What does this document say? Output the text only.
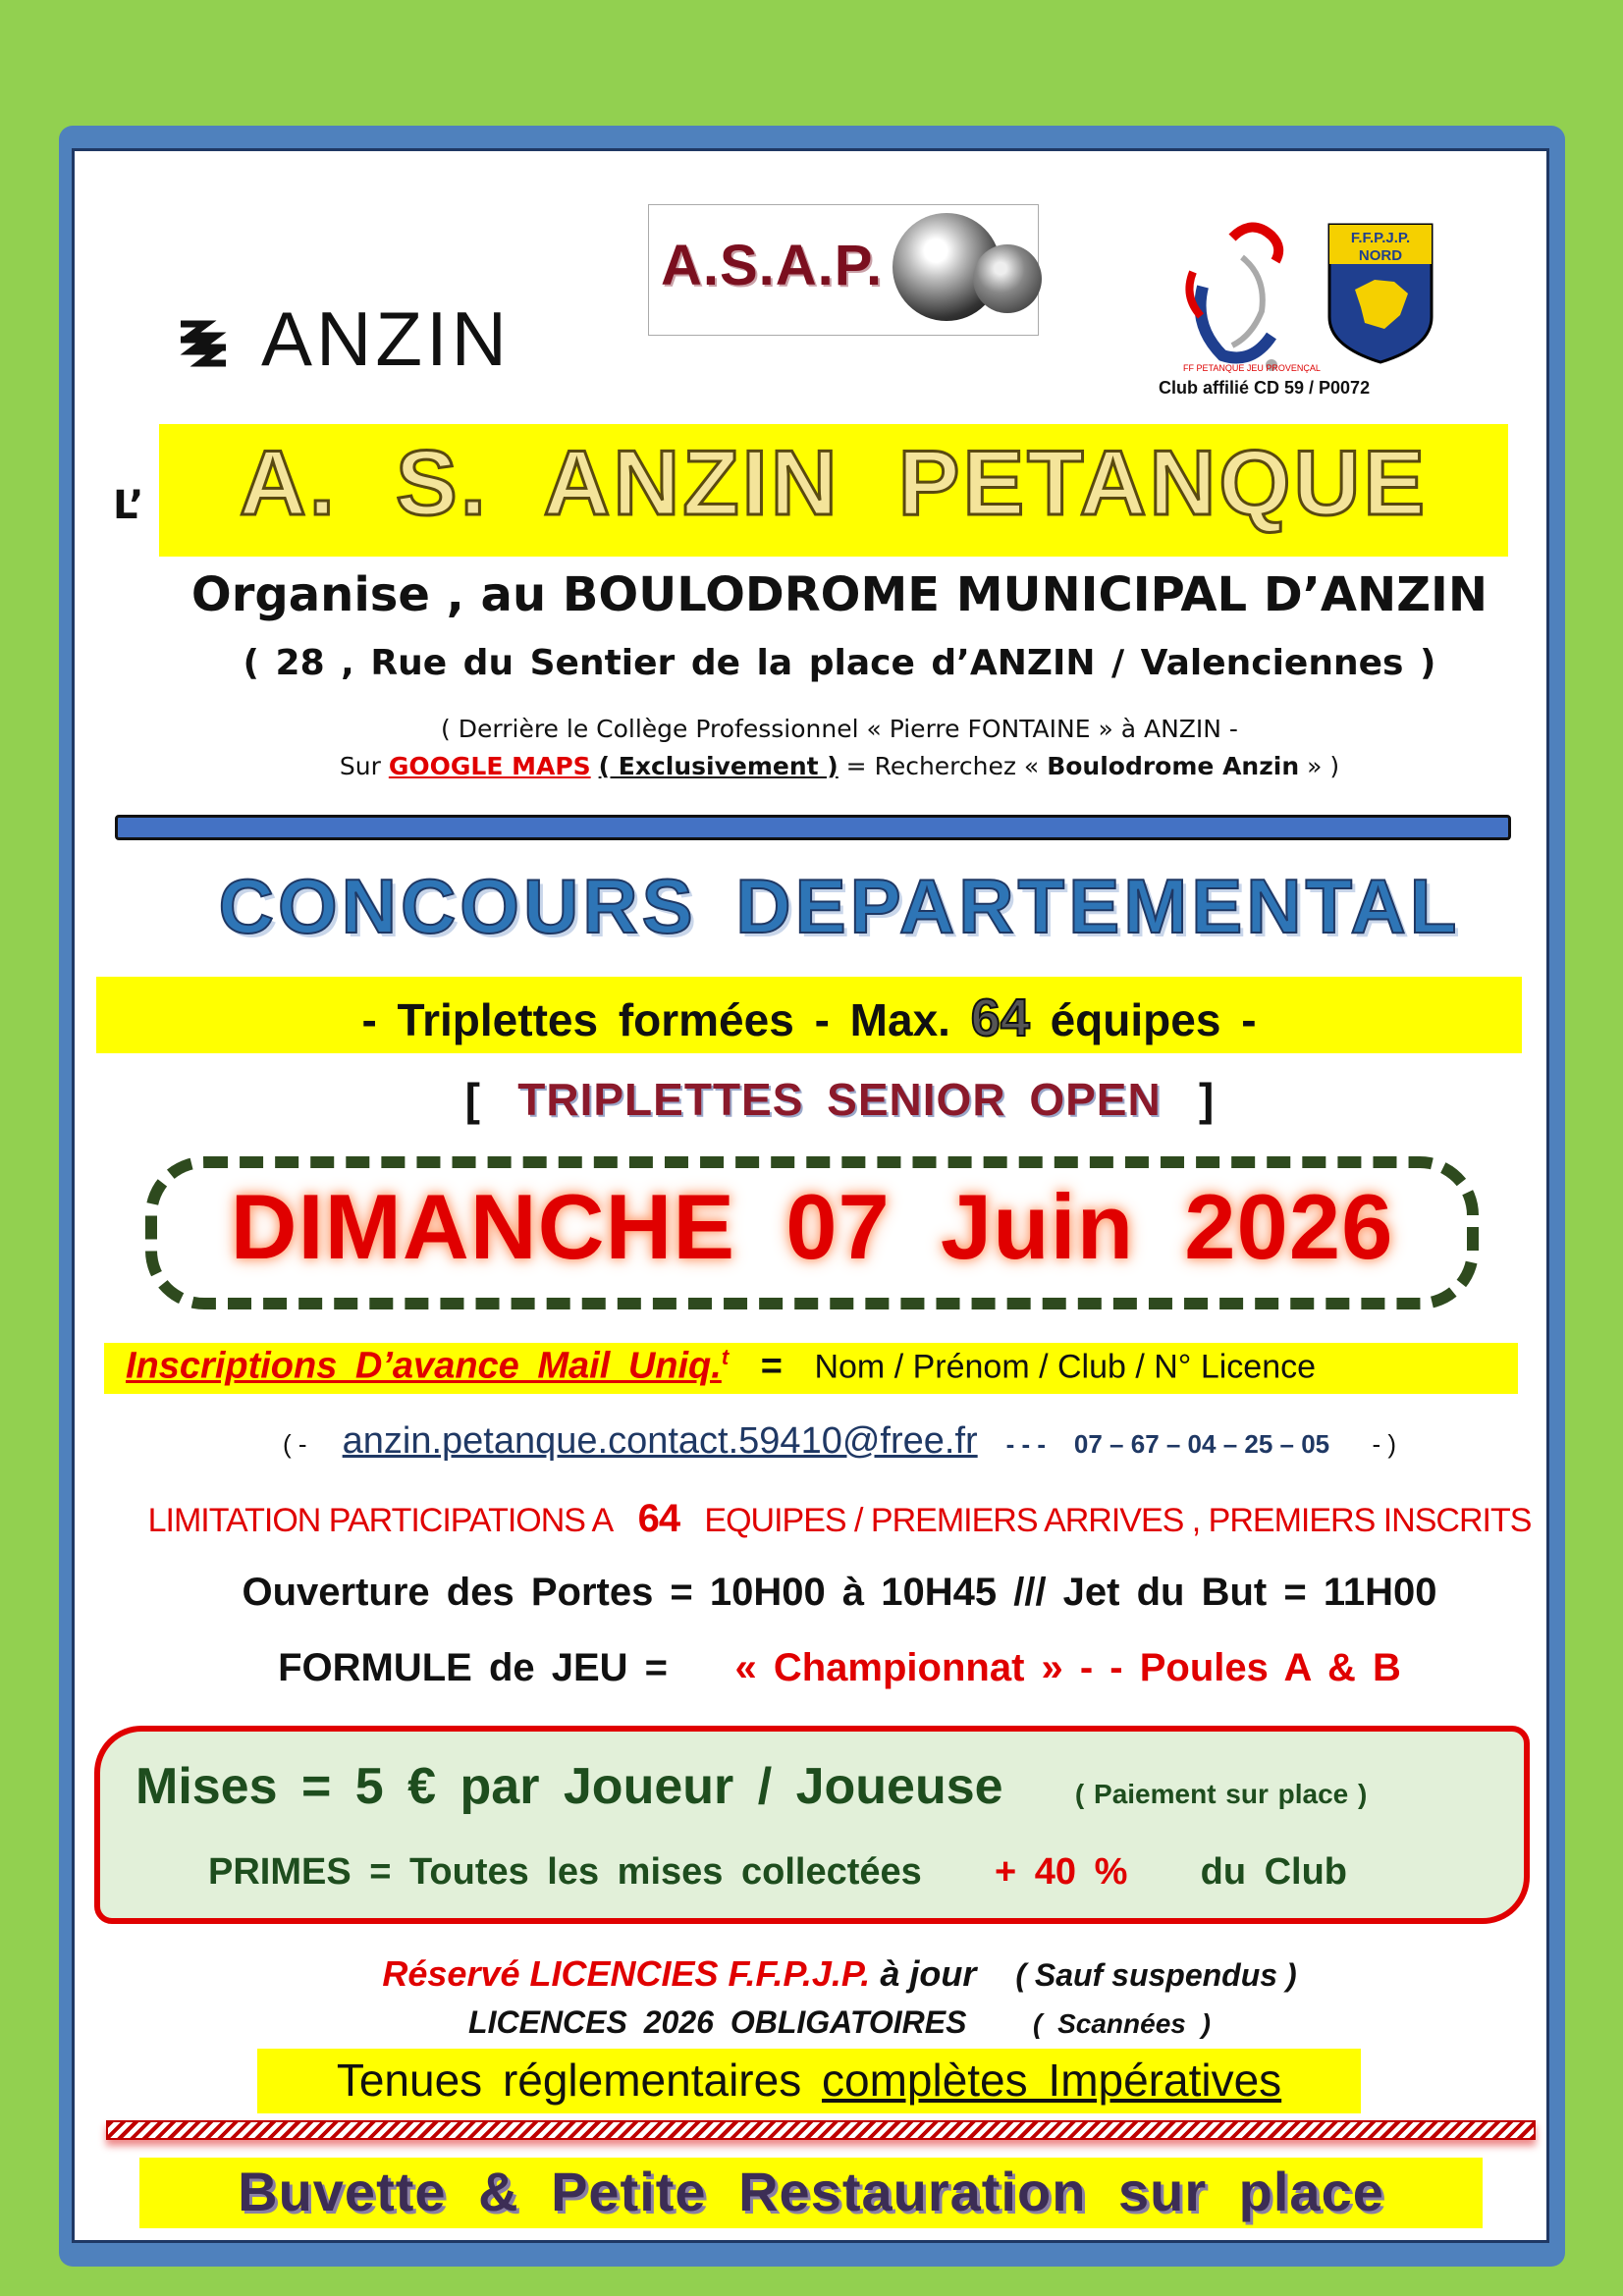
ANZIN
A.S.A.P.
FF PETANQUE JEU PROVENÇAL
F.F.P.J.P.
NORD
Club affilié CD 59 / P0072
L’	A. S. ANZIN PETANQUE
Organise , au BOULODROME MUNICIPAL D’ANZIN
( 28 , Rue du Sentier de la place d’ANZIN / Valenciennes )
( Derrière le Collège Professionnel « Pierre FONTAINE » à ANZIN -
Sur GOOGLE MAPS ( Exclusivement ) = Recherchez « Boulodrome Anzin » )
CONCOURS DEPARTEMENTAL
- Triplettes formées - Max. 64 équipes -
[ TRIPLETTES SENIOR OPEN ]
DIMANCHE 07 Juin 2026
Inscriptions D’avance Mail Uniq.$^t$ = Nom / Prénom / Club / N° Licence
( - anzin.petanque.contact.59410@free.fr - - - 07 – 67 – 04 – 25 – 05 - )
LIMITATION PARTICIPATIONS A 64 EQUIPES / PREMIERS ARRIVES , PREMIERS INSCRITS
Ouverture des Portes = 10H00 à 10H45 /// Jet du But = 11H00
FORMULE de JEU = « Championnat » - - Poules A & B
Mises = 5 € par Joueur / Joueuse	( Paiement sur place )
PRIMES = Toutes les mises collectées + 40 % du Club
Réservé LICENCIES F.F.P.J.P. à jour ( Sauf suspendus )
LICENCES 2026 OBLIGATOIRES ( Scannées )
Tenues réglementaires complètes Impératives
Buvette & Petite Restauration sur place
